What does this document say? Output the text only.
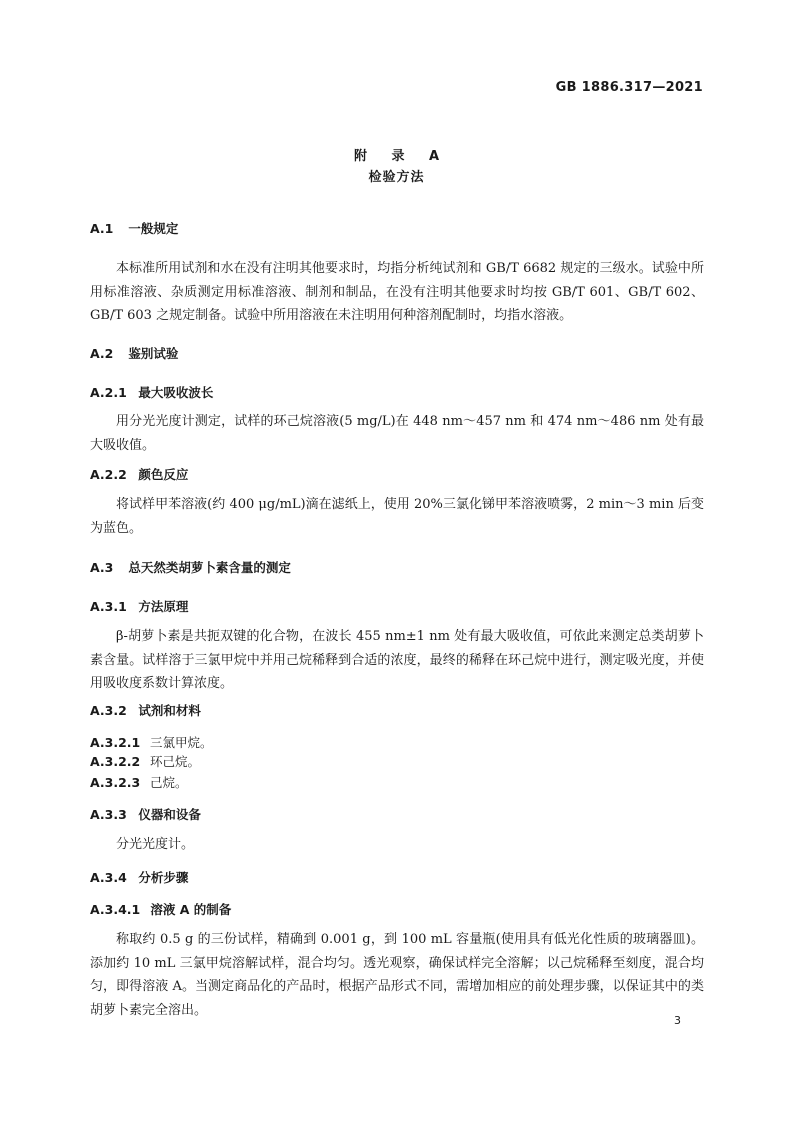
GB 1886.317—2021
附 录 A
检验方法
A.1 一般规定
本标准所用试剂和水在没有注明其他要求时，均指分析纯试剂和 GB/T 6682 规定的三级水。试验中所用标准溶液、杂质测定用标准溶液、制剂和制品，在没有注明其他要求时均按 GB/T 601、GB/T 602、GB/T 603 之规定制备。试验中所用溶液在未注明用何种溶剂配制时，均指水溶液。
A.2 鉴别试验
A.2.1 最大吸收波长
用分光光度计测定，试样的环己烷溶液(5 mg/L)在 448 nm～457 nm 和 474 nm～486 nm 处有最大吸收值。
A.2.2 颜色反应
将试样甲苯溶液(约 400 μg/mL)滴在滤纸上，使用 20%三氯化锑甲苯溶液喷雾，2 min～3 min 后变为蓝色。
A.3 总天然类胡萝卜素含量的测定
A.3.1 方法原理
β-胡萝卜素是共扼双键的化合物，在波长 455 nm±1 nm 处有最大吸收值，可依此来测定总类胡萝卜素含量。试样溶于三氯甲烷中并用己烷稀释到合适的浓度，最终的稀释在环己烷中进行，测定吸光度，并使用吸收度系数计算浓度。
A.3.2 试剂和材料
A.3.2.1 三氯甲烷。
A.3.2.2 环己烷。
A.3.2.3 己烷。
A.3.3 仪器和设备
分光光度计。
A.3.4 分析步骤
A.3.4.1 溶液 A 的制备
称取约 0.5 g 的三份试样，精确到 0.001 g，到 100 mL 容量瓶(使用具有低光化性质的玻璃器皿)。添加约 10 mL 三氯甲烷溶解试样，混合均匀。透光观察，确保试样完全溶解；以己烷稀释至刻度，混合均匀，即得溶液 A。当测定商品化的产品时，根据产品形式不同，需增加相应的前处理步骤，以保证其中的类胡萝卜素完全溶出。
3
